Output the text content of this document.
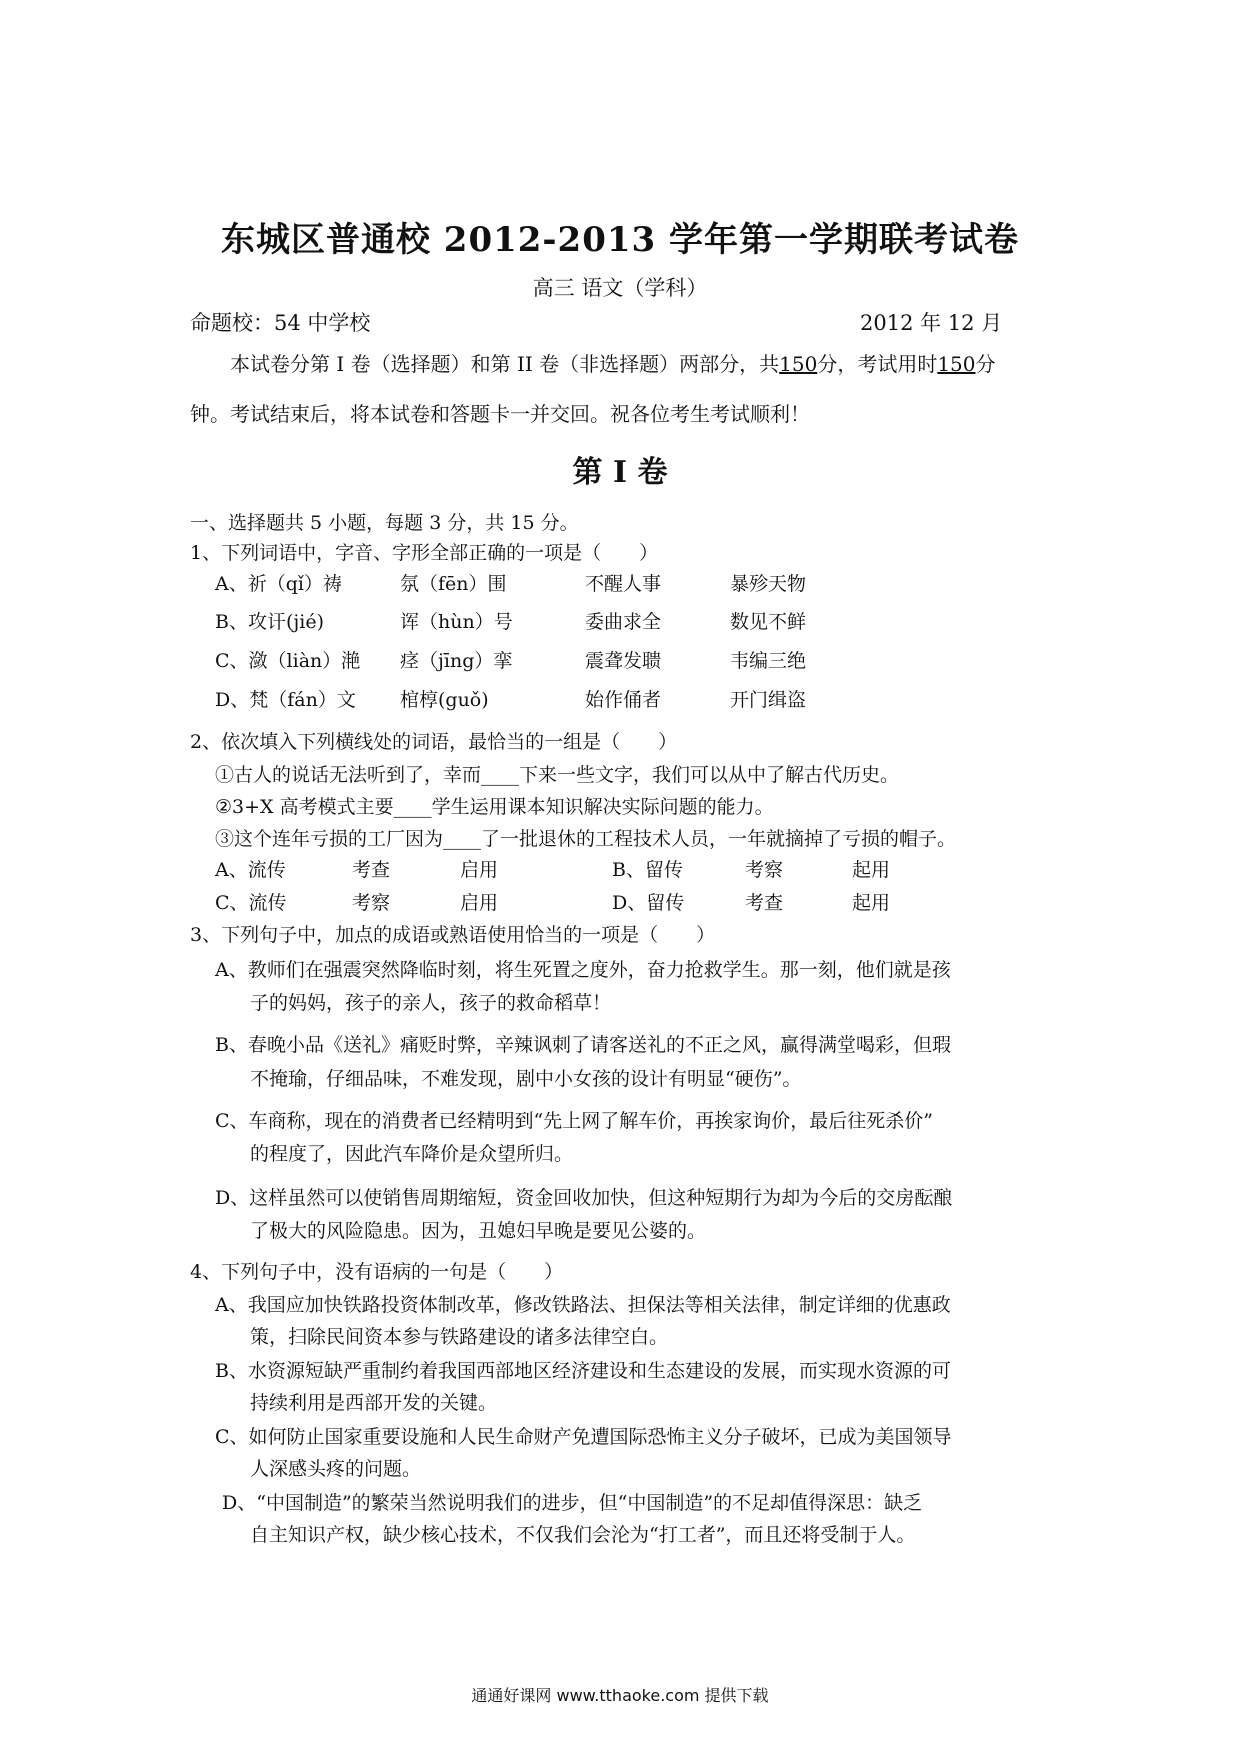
东城区普通校 2012-2013 学年第一学期联考试卷
高三 语文（学科）
命题校：54 中学校	2012 年 12 月
本试卷分第 I 卷（选择题）和第 II 卷（非选择题）两部分，共150分，考试用时150分
钟。考试结束后，将本试卷和答题卡一并交回。祝各位考生考试顺利！
第 I 卷
一、选择题共 5 小题，每题 3 分，共 15 分。
1、下列词语中，字音、字形全部正确的一项是（　　）
A、祈（qǐ）祷	氛（fēn）围	不醒人事	暴殄天物
B、攻讦(jié)	诨（hùn）号	委曲求全	数见不鲜
C、潋（liàn）滟 痉（jīng）挛	震聋发聩	韦编三绝
D、梵（fán）文 棺椁(guǒ)	始作俑者	开门缉盗
2、依次填入下列横线处的词语，最恰当的一组是（　　）
①古人的说话无法听到了，幸而____下来一些文字，我们可以从中了解古代历史。
②3+X 高考模式主要____学生运用课本知识解决实际问题的能力。
③这个连年亏损的工厂因为____了一批退休的工程技术人员，一年就摘掉了亏损的帽子。
A、流传	考查	启用	B、留传	考察	起用
C、流传	考察	启用	D、留传	考查	起用
3、下列句子中，加点的成语或熟语使用恰当的一项是（　　）
A、教师们在强震突然降临时刻，将生死置之度外，奋力抢救学生。那一刻，他们就是孩
子的妈妈，孩子的亲人，孩子的救命稻草！
B、春晚小品《送礼》痛贬时弊，辛辣讽刺了请客送礼的不正之风，赢得满堂喝彩，但瑕
不掩瑜，仔细品味，不难发现，剧中小女孩的设计有明显“硬伤”。
C、车商称，现在的消费者已经精明到“先上网了解车价，再挨家询价，最后往死杀价”
的程度了，因此汽车降价是众望所归。
D、这样虽然可以使销售周期缩短，资金回收加快，但这种短期行为却为今后的交房酝酿
了极大的风险隐患。因为，丑媳妇早晚是要见公婆的。
4、下列句子中，没有语病的一句是（　　）
A、我国应加快铁路投资体制改革，修改铁路法、担保法等相关法律，制定详细的优惠政
策，扫除民间资本参与铁路建设的诸多法律空白。
B、水资源短缺严重制约着我国西部地区经济建设和生态建设的发展，而实现水资源的可
持续利用是西部开发的关键。
C、如何防止国家重要设施和人民生命财产免遭国际恐怖主义分子破坏，已成为美国领导
人深感头疼的问题。
D、“中国制造”的繁荣当然说明我们的进步，但“中国制造”的不足却值得深思：缺乏
自主知识产权，缺少核心技术，不仅我们会沦为“打工者”，而且还将受制于人。
通通好课网 www.tthaoke.com 提供下载
